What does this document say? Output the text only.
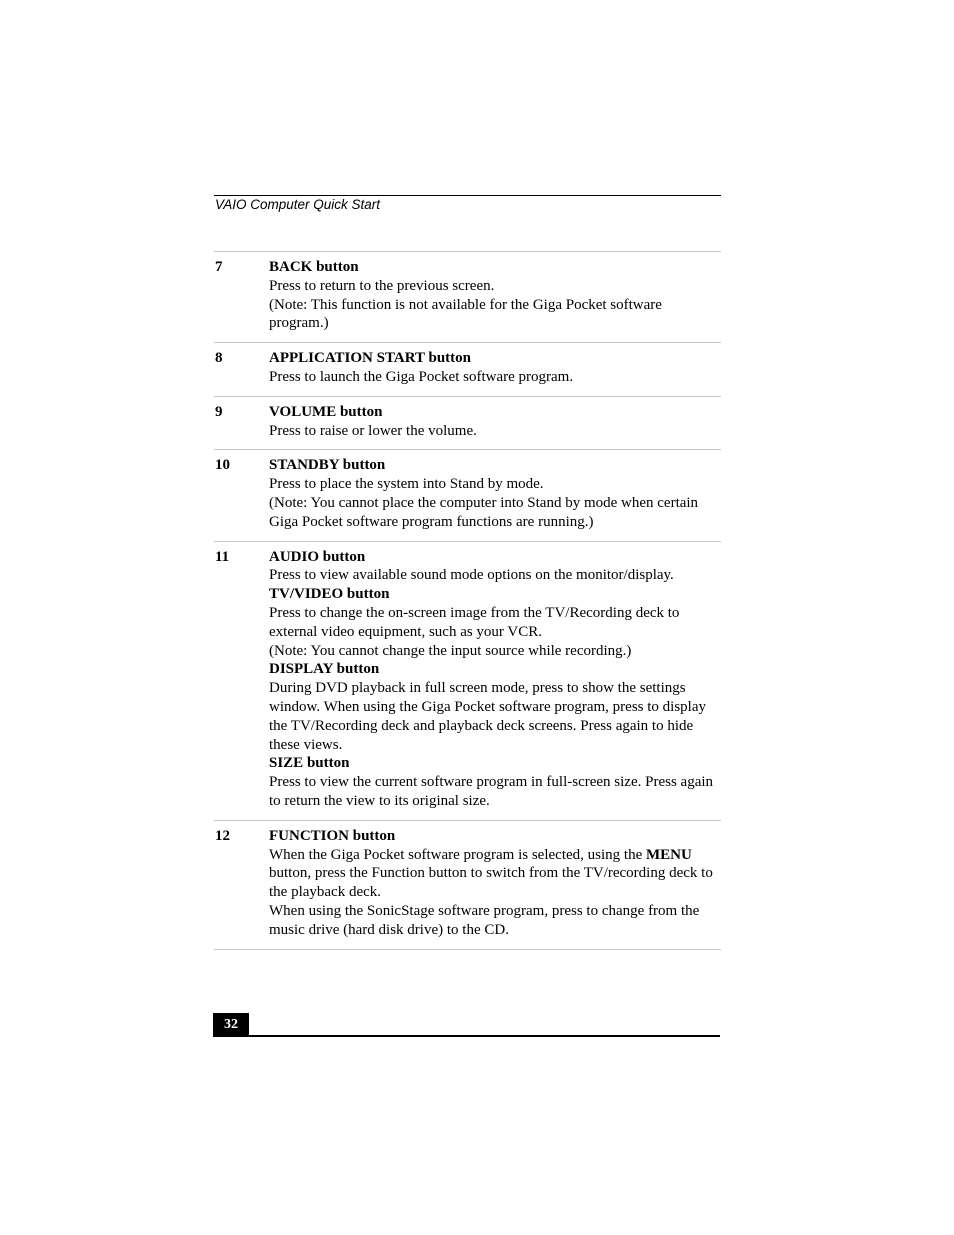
VAIO Computer Quick Start
7	BACK button
Press to return to the previous screen.
(Note: This function is not available for the Giga Pocket software program.)
8	APPLICATION START button
Press to launch the Giga Pocket software program.
9	VOLUME button
Press to raise or lower the volume.
10	STANDBY button
Press to place the system into Stand by mode.
(Note: You cannot place the computer into Stand by mode when certain Giga Pocket software program functions are running.)
11	AUDIO button
Press to view available sound mode options on the monitor/display.
TV/VIDEO button
Press to change the on-screen image from the TV/Recording deck to external video equipment, such as your VCR.
(Note: You cannot change the input source while recording.)
DISPLAY button
During DVD playback in full screen mode, press to show the settings window. When using the Giga Pocket software program, press to display the TV/Recording deck and playback deck screens. Press again to hide these views.
SIZE button
Press to view the current software program in full-screen size. Press again to return the view to its original size.
12	FUNCTION button
When the Giga Pocket software program is selected, using the MENU button, press the Function button to switch from the TV/recording deck to the playback deck.
When using the SonicStage software program, press to change from the music drive (hard disk drive) to the CD.
32
